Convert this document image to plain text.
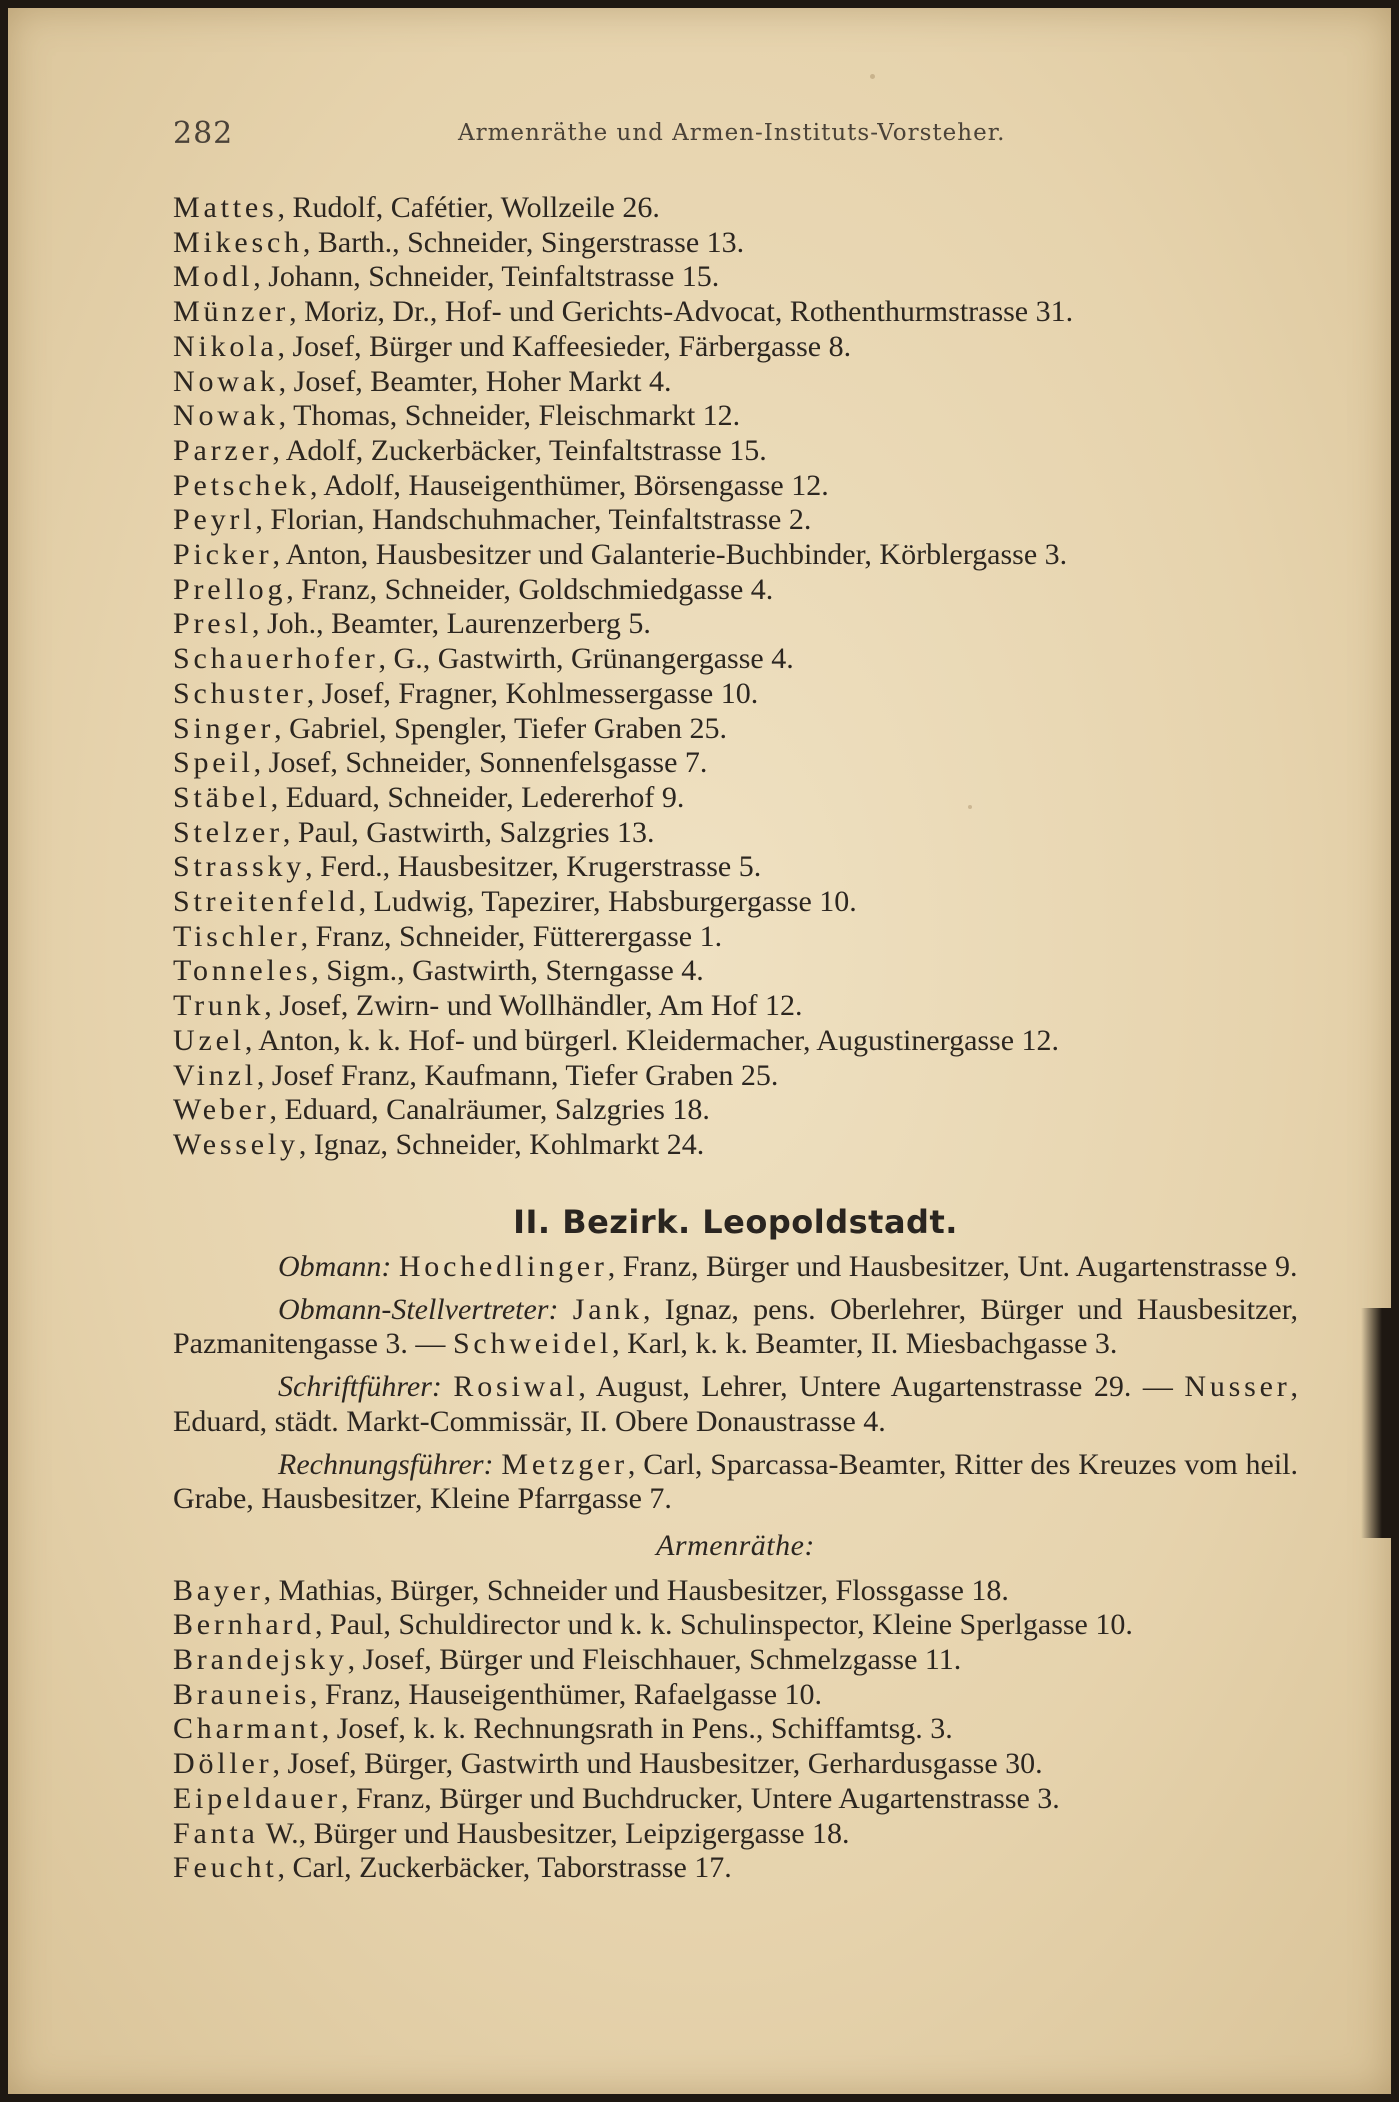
282	Armenräthe und Armen-Instituts-Vorsteher.
Mattes, Rudolf, Cafétier, Wollzeile 26.
Mikesch, Barth., Schneider, Singerstrasse 13.
Modl, Johann, Schneider, Teinfaltstrasse 15.
Münzer, Moriz, Dr., Hof- und Gerichts-Advocat, Rothenthurmstrasse 31.
Nikola, Josef, Bürger und Kaffeesieder, Färbergasse 8.
Nowak, Josef, Beamter, Hoher Markt 4.
Nowak, Thomas, Schneider, Fleischmarkt 12.
Parzer, Adolf, Zuckerbäcker, Teinfaltstrasse 15.
Petschek, Adolf, Hauseigenthümer, Börsengasse 12.
Peyrl, Florian, Handschuhmacher, Teinfaltstrasse 2.
Picker, Anton, Hausbesitzer und Galanterie-Buchbinder, Körblergasse 3.
Prellog, Franz, Schneider, Goldschmiedgasse 4.
Presl, Joh., Beamter, Laurenzerberg 5.
Schauerhofer, G., Gastwirth, Grünangergasse 4.
Schuster, Josef, Fragner, Kohlmessergasse 10.
Singer, Gabriel, Spengler, Tiefer Graben 25.
Speil, Josef, Schneider, Sonnenfelsgasse 7.
Stäbel, Eduard, Schneider, Ledererhof 9.
Stelzer, Paul, Gastwirth, Salzgries 13.
Strassky, Ferd., Hausbesitzer, Krugerstrasse 5.
Streitenfeld, Ludwig, Tapezirer, Habsburgergasse 10.
Tischler, Franz, Schneider, Fütterergasse 1.
Tonneles, Sigm., Gastwirth, Sterngasse 4.
Trunk, Josef, Zwirn- und Wollhändler, Am Hof 12.
Uzel, Anton, k. k. Hof- und bürgerl. Kleidermacher, Augustinergasse 12.
Vinzl, Josef Franz, Kaufmann, Tiefer Graben 25.
Weber, Eduard, Canalräumer, Salzgries 18.
Wessely, Ignaz, Schneider, Kohlmarkt 24.
II. Bezirk. Leopoldstadt.

Obmann: Hochedlinger, Franz, Bürger und Hausbesitzer, Unt. Augartenstrasse 9.

Obmann-Stellvertreter: Jank, Ignaz, pens. Oberlehrer, Bürger und Hausbesitzer, Pazmanitengasse 3. — Schweidel, Karl, k. k. Beamter, II. Miesbachgasse 3.

Schriftführer: Rosiwal, August, Lehrer, Untere Augartenstrasse 29. — Nusser, Eduard, städt. Markt-Commissär, II. Obere Donaustrasse 4.

Rechnungsführer: Metzger, Carl, Sparcassa-Beamter, Ritter des Kreuzes vom heil. Grabe, Hausbesitzer, Kleine Pfarrgasse 7.

Armenräthe:
Bayer, Mathias, Bürger, Schneider und Hausbesitzer, Flossgasse 18.
Bernhard, Paul, Schuldirector und k. k. Schulinspector, Kleine Sperlgasse 10.
Brandejsky, Josef, Bürger und Fleischhauer, Schmelzgasse 11.
Brauneis, Franz, Hauseigenthümer, Rafaelgasse 10.
Charmant, Josef, k. k. Rechnungsrath in Pens., Schiffamtsg. 3.
Döller, Josef, Bürger, Gastwirth und Hausbesitzer, Gerhardusgasse 30.
Eipeldauer, Franz, Bürger und Buchdrucker, Untere Augartenstrasse 3.
Fanta W., Bürger und Hausbesitzer, Leipzigergasse 18.
Feucht, Carl, Zuckerbäcker, Taborstrasse 17.
